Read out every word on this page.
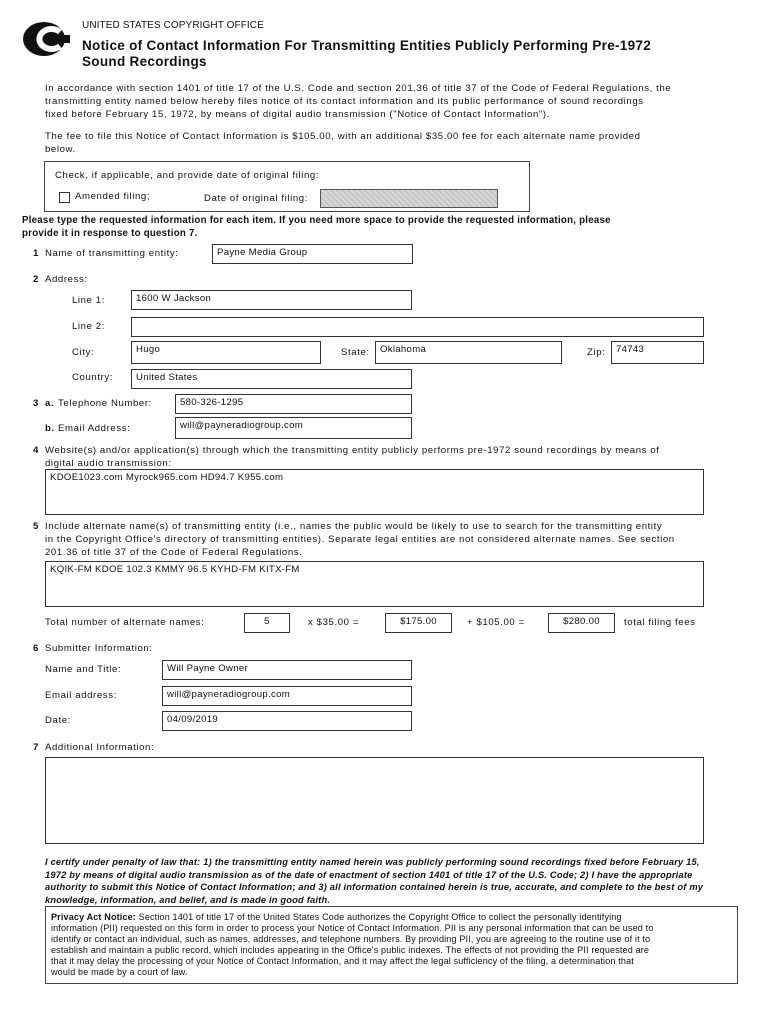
UNITED STATES COPYRIGHT OFFICE
Notice of Contact Information For Transmitting Entities Publicly Performing Pre-1972
Sound Recordings
In accordance with section 1401 of title 17 of the U.S. Code and section 201.36 of title 37 of the Code of Federal Regulations, the
transmitting entity named below hereby files notice of its contact information and its public performance of sound recordings
fixed before February 15, 1972, by means of digital audio transmission ("Notice of Contact Information").
The fee to file this Notice of Contact Information is $105.00, with an additional $35.00 fee for each alternate name provided
below.
Check, if applicable, and provide date of original filing:
Amended filing;	Date of original filing:
Please type the requested information for each item. If you need more space to provide the requested information, please
provide it in response to question 7.
1 Name of transmitting entity:	Payne Media Group
2 Address:
Line 1:	1600 W Jackson
Line 2:
City:	Hugo	State:	Oklahoma	Zip:	74743
Country:	United States
3 a. Telephone Number:	580-326-1295
b. Email Address:	will@payneradiogroup.com
4 Website(s) and/or application(s) through which the transmitting entity publicly performs pre-1972 sound recordings by means of
digital audio transmission:
KDOE1023.com Myrock965.com HD94.7 K955.com
5 Include alternate name(s) of transmitting entity (i.e., names the public would be likely to use to search for the transmitting entity
in the Copyright Office's directory of transmitting entities). Separate legal entities are not considered alternate names. See section
201.36 of title 37 of the Code of Federal Regulations.
KQIK-FM KDOE 102.3 KMMY 96.5 KYHD-FM KITX-FM
Total number of alternate names:	5	x $35.00 =	$175.00	+ $105.00 =	$280.00	total filing fees
6 Submitter Information:
Name and Title:	Will Payne Owner
Email address:	will@payneradiogroup.com
Date:	04/09/2019
7 Additional Information:
I certify under penalty of law that: 1) the transmitting entity named herein was publicly performing sound recordings fixed before February 15,
1972 by means of digital audio transmission as of the date of enactment of section 1401 of title 17 of the U.S. Code; 2) I have the appropriate
authority to submit this Notice of Contact Information; and 3) all information contained herein is true, accurate, and complete to the best of my
knowledge, information, and belief, and is made in good faith.
Privacy Act Notice: Section 1401 of title 17 of the United States Code authorizes the Copyright Office to collect the personally identifying
information (PII) requested on this form in order to process your Notice of Contact Information. PII is any personal information that can be used to
identify or contact an individual, such as names, addresses, and telephone numbers. By providing PII, you are agreeing to the routine use of it to
establish and maintain a public record, which includes appearing in the Office's public indexes. The effects of not providing the PII requested are
that it may delay the processing of your Notice of Contact Information, and it may affect the legal sufficiency of the filing, a determination that
would be made by a court of law.
